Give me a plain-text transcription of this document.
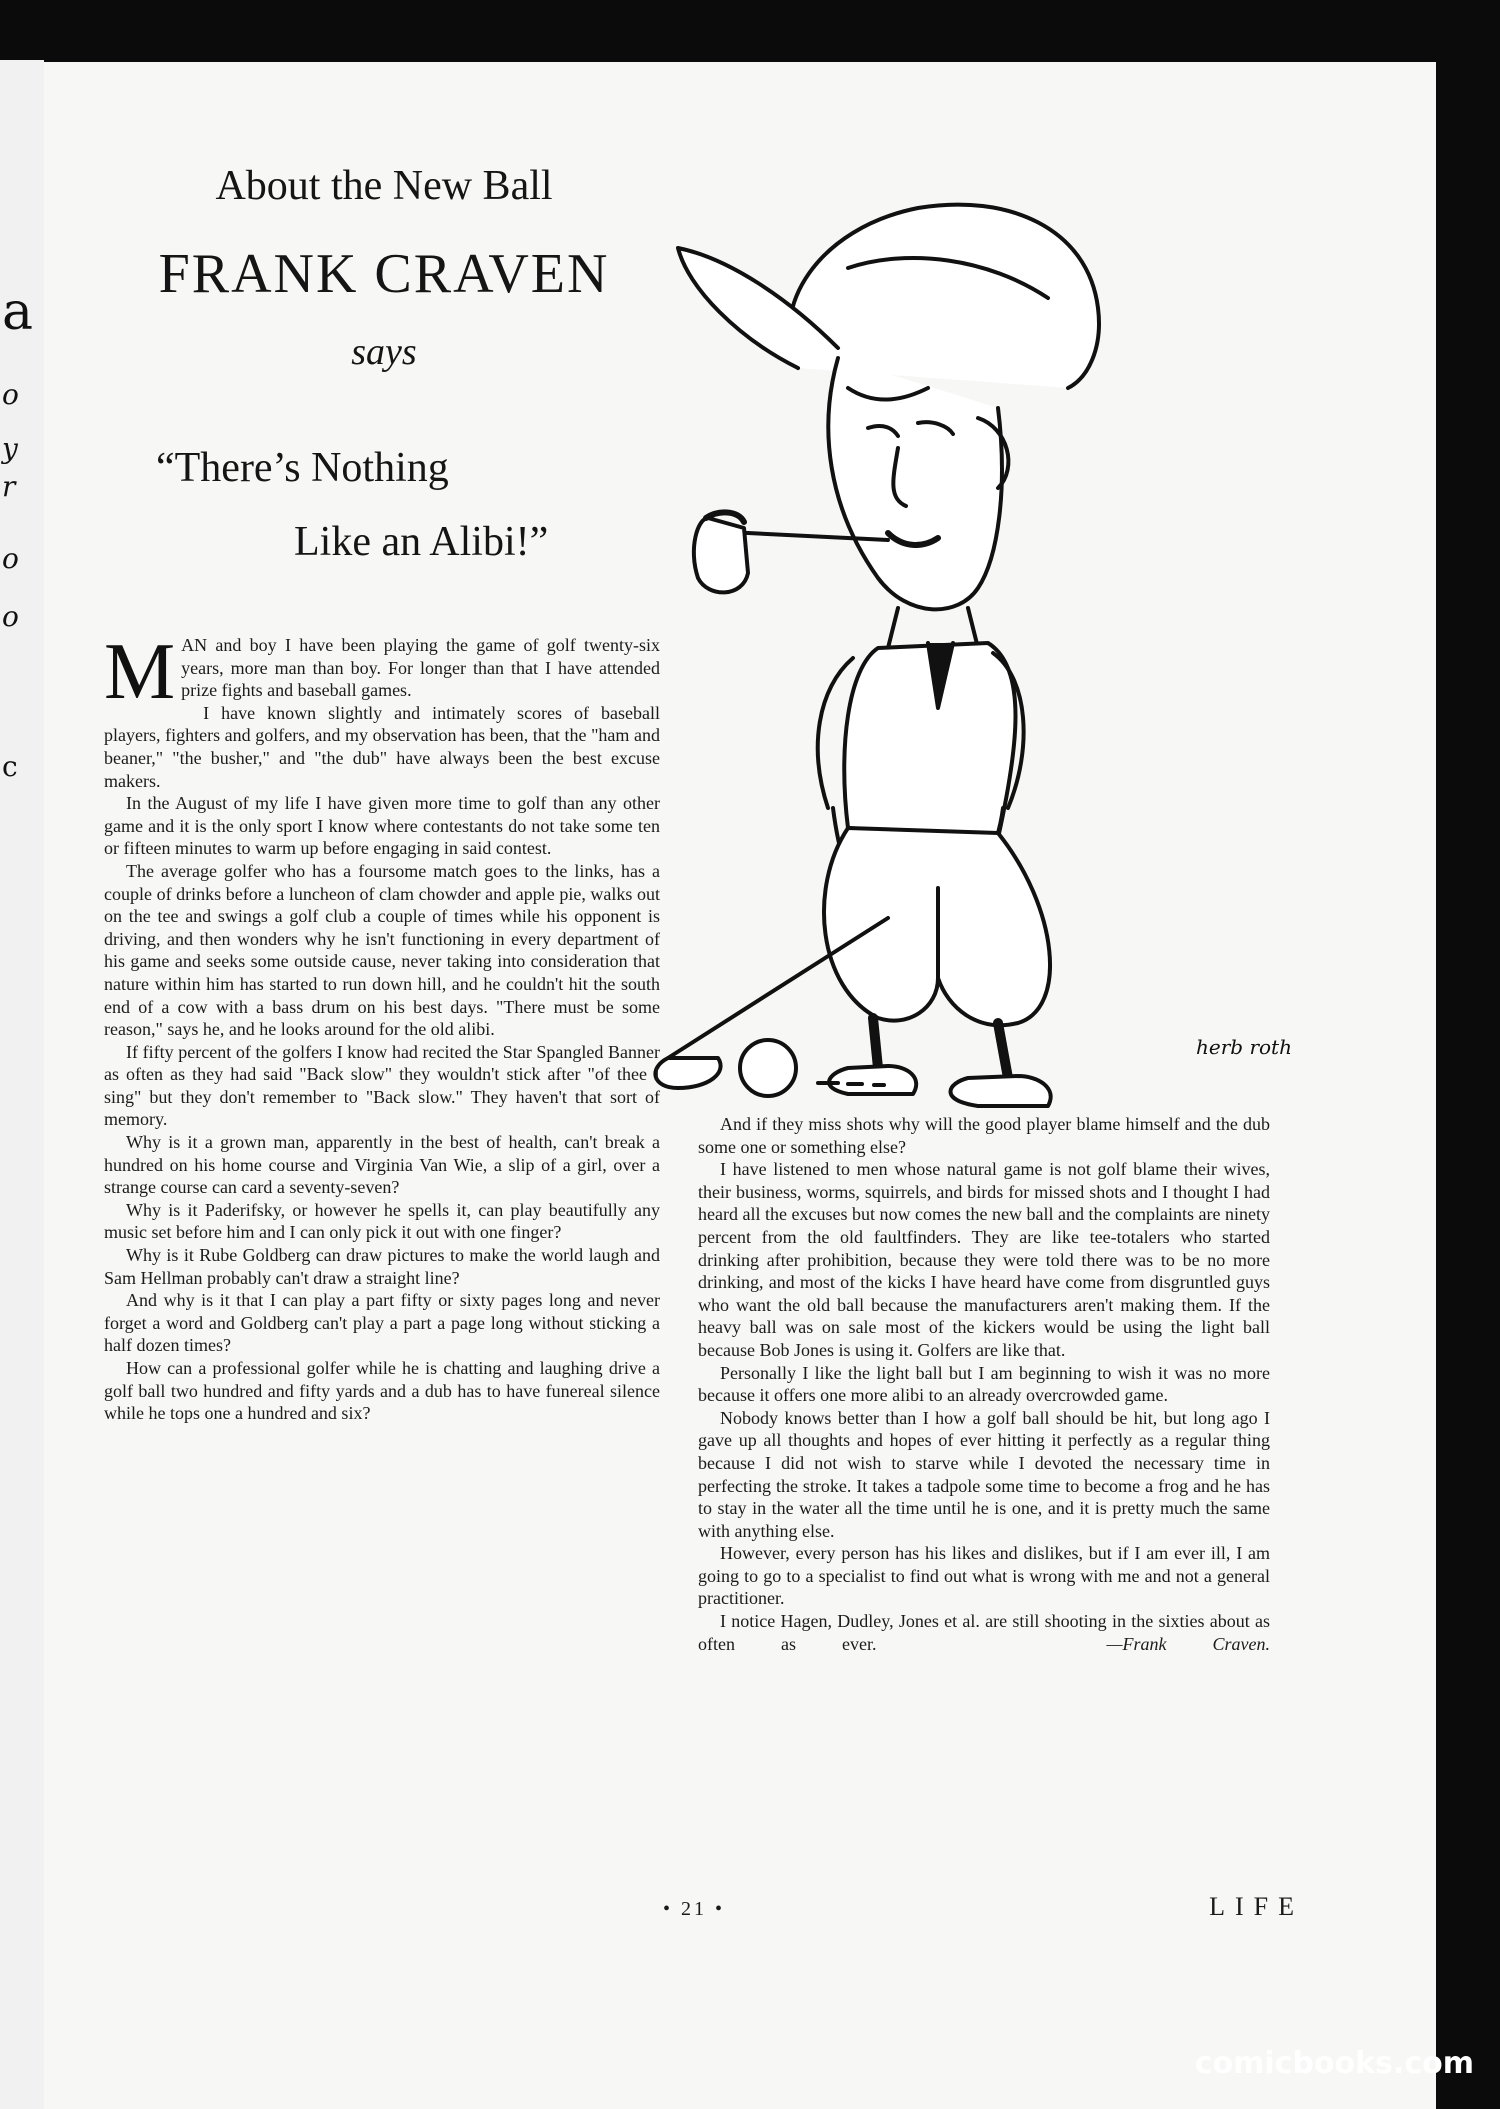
a
o
y
r
o
o
c
About the New Ball
FRANK CRAVEN
says
“There’s Nothing
Like an Alibi!”
herb roth

MAN and boy I have been playing the game of golf twenty-six years, more man than boy. For longer than that I have attended prize fights and baseball games.

I have known slightly and intimately scores of baseball players, fighters and golfers, and my observation has been, that the "ham and beaner," "the busher," and "the dub" have always been the best excuse makers.

In the August of my life I have given more time to golf than any other game and it is the only sport I know where contestants do not take some ten or fifteen minutes to warm up before engaging in said contest.

The average golfer who has a foursome match goes to the links, has a couple of drinks before a luncheon of clam chowder and apple pie, walks out on the tee and swings a golf club a couple of times while his opponent is driving, and then wonders why he isn't functioning in every department of his game and seeks some outside cause, never taking into consideration that nature within him has started to run down hill, and he couldn't hit the south end of a cow with a bass drum on his best days. "There must be some reason," says he, and he looks around for the old alibi.

If fifty percent of the golfers I know had recited the Star Spangled Banner as often as they had said "Back slow" they wouldn't stick after "of thee I sing" but they don't remember to "Back slow." They haven't that sort of memory.

Why is it a grown man, apparently in the best of health, can't break a hundred on his home course and Virginia Van Wie, a slip of a girl, over a strange course can card a seventy-seven?

Why is it Paderifsky, or however he spells it, can play beautifully any music set before him and I can only pick it out with one finger?

Why is it Rube Goldberg can draw pictures to make the world laugh and Sam Hellman probably can't draw a straight line?

And why is it that I can play a part fifty or sixty pages long and never forget a word and Goldberg can't play a part a page long without sticking a half dozen times?

How can a professional golfer while he is chatting and laughing drive a golf ball two hundred and fifty yards and a dub has to have funereal silence while he tops one a hundred and six?

And if they miss shots why will the good player blame himself and the dub some one or something else?

I have listened to men whose natural game is not golf blame their wives, their business, worms, squirrels, and birds for missed shots and I thought I had heard all the excuses but now comes the new ball and the complaints are ninety percent from the old faultfinders. They are like tee-totalers who started drinking after prohibition, because they were told there was to be no more drinking, and most of the kicks I have heard have come from disgruntled guys who want the old ball because the manufacturers aren't making them. If the heavy ball was on sale most of the kickers would be using the light ball because Bob Jones is using it. Golfers are like that.

Personally I like the light ball but I am beginning to wish it was no more because it offers one more alibi to an already overcrowded game.

Nobody knows better than I how a golf ball should be hit, but long ago I gave up all thoughts and hopes of ever hitting it perfectly as a regular thing because I did not wish to starve while I devoted the necessary time in perfecting the stroke. It takes a tadpole some time to become a frog and he has to stay in the water all the time until he is one, and it is pretty much the same with anything else.

However, every person has his likes and dislikes, but if I am ever ill, I am going to go to a specialist to find out what is wrong with me and not a general practitioner.

I notice Hagen, Dudley, Jones et al. are still shooting in the sixties about as often as ever.	—Frank Craven.

• 21 •	LIFE
comicbooks.com
